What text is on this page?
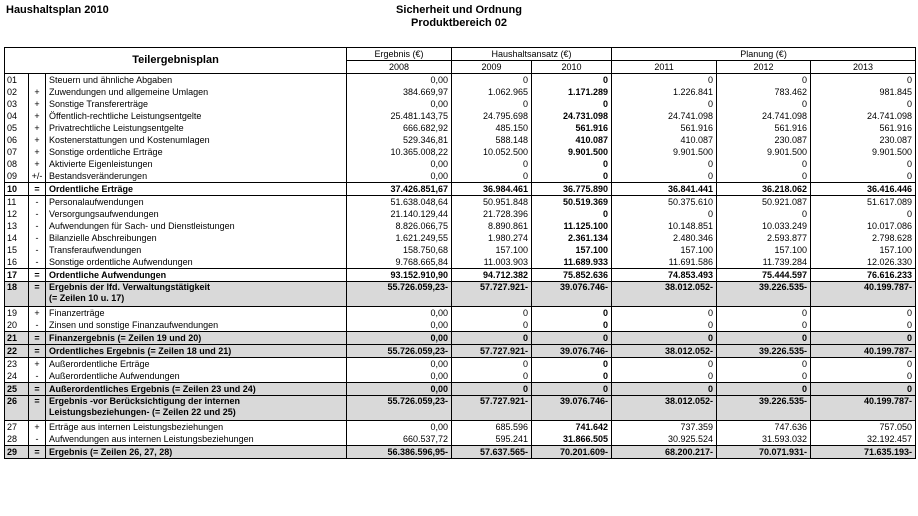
Haushaltsplan 2010	Sicherheit und Ordnung
Produktbereich 02
Teilergebnisplan			Ergebnis (€)	Haushaltsansatz (€)		Planung (€)		
			2008	2009	2010	2011	2012	2013
01		Steuern und ähnliche Abgaben	0,00	0	0	0	0	0
02	+	Zuwendungen und allgemeine Umlagen	384.669,97	1.062.965	1.171.289	1.226.841	783.462	981.845
03	+	Sonstige Transfererträge	0,00	0	0	0	0	0
04	+	Öffentlich-rechtliche Leistungsentgelte	25.481.143,75	24.795.698	24.731.098	24.741.098	24.741.098	24.741.098
05	+	Privatrechtliche Leistungsentgelte	666.682,92	485.150	561.916	561.916	561.916	561.916
06	+	Kostenerstattungen und Kostenumlagen	529.346,81	588.148	410.087	410.087	230.087	230.087
07	+	Sonstige ordentliche Erträge	10.365.008,22	10.052.500	9.901.500	9.901.500	9.901.500	9.901.500
08	+	Aktivierte Eigenleistungen	0,00	0	0	0	0	0
09	+/-	Bestandsveränderungen	0,00	0	0	0	0	0
10	=	Ordentliche Erträge	37.426.851,67	36.984.461	36.775.890	36.841.441	36.218.062	36.416.446
11	-	Personalaufwendungen	51.638.048,64	50.951.848	50.519.369	50.375.610	50.921.087	51.617.089
12	-	Versorgungsaufwendungen	21.140.129,44	21.728.396	0	0	0	0
13	-	Aufwendungen für Sach- und Dienstleistungen	8.826.066,75	8.890.861	11.125.100	10.148.851	10.033.249	10.017.086
14	-	Bilanzielle Abschreibungen	1.621.249,55	1.980.274	2.361.134	2.480.346	2.593.877	2.798.628
15	-	Transferaufwendungen	158.750,68	157.100	157.100	157.100	157.100	157.100
16	-	Sonstige ordentliche Aufwendungen	9.768.665,84	11.003.903	11.689.933	11.691.586	11.739.284	12.026.330
17	=	Ordentliche Aufwendungen	93.152.910,90	94.712.382	75.852.636	74.853.493	75.444.597	76.616.233
18	=	Ergebnis der lfd. Verwaltungstätigkeit
(= Zeilen 10 u. 17)	55.726.059,23-	57.727.921-	39.076.746-	38.012.052-	39.226.535-	40.199.787-
19	+	Finanzerträge	0,00	0	0	0	0	0
20	-	Zinsen und sonstige Finanzaufwendungen	0,00	0	0	0	0	0
21	=	Finanzergebnis (= Zeilen 19 und 20)	0,00	0	0	0	0	0
22	=	Ordentliches Ergebnis (= Zeilen 18 und 21)	55.726.059,23-	57.727.921-	39.076.746-	38.012.052-	39.226.535-	40.199.787-
23	+	Außerordentliche Erträge	0,00	0	0	0	0	0
24	-	Außerordentliche Aufwendungen	0,00	0	0	0	0	0
25	=	Außerordentliches Ergebnis (= Zeilen 23 und 24)	0,00	0	0	0	0	0
26	=	Ergebnis -vor Berücksichtigung der internen
Leistungsbeziehungen- (= Zeilen 22 und 25)	55.726.059,23-	57.727.921-	39.076.746-	38.012.052-	39.226.535-	40.199.787-
27	+	Erträge aus internen Leistungsbeziehungen	0,00	685.596	741.642	737.359	747.636	757.050
28	-	Aufwendungen aus internen Leistungsbeziehungen	660.537,72	595.241	31.866.505	30.925.524	31.593.032	32.192.457
29	=	Ergebnis (= Zeilen 26, 27, 28)	56.386.596,95-	57.637.565-	70.201.609-	68.200.217-	70.071.931-	71.635.193-
